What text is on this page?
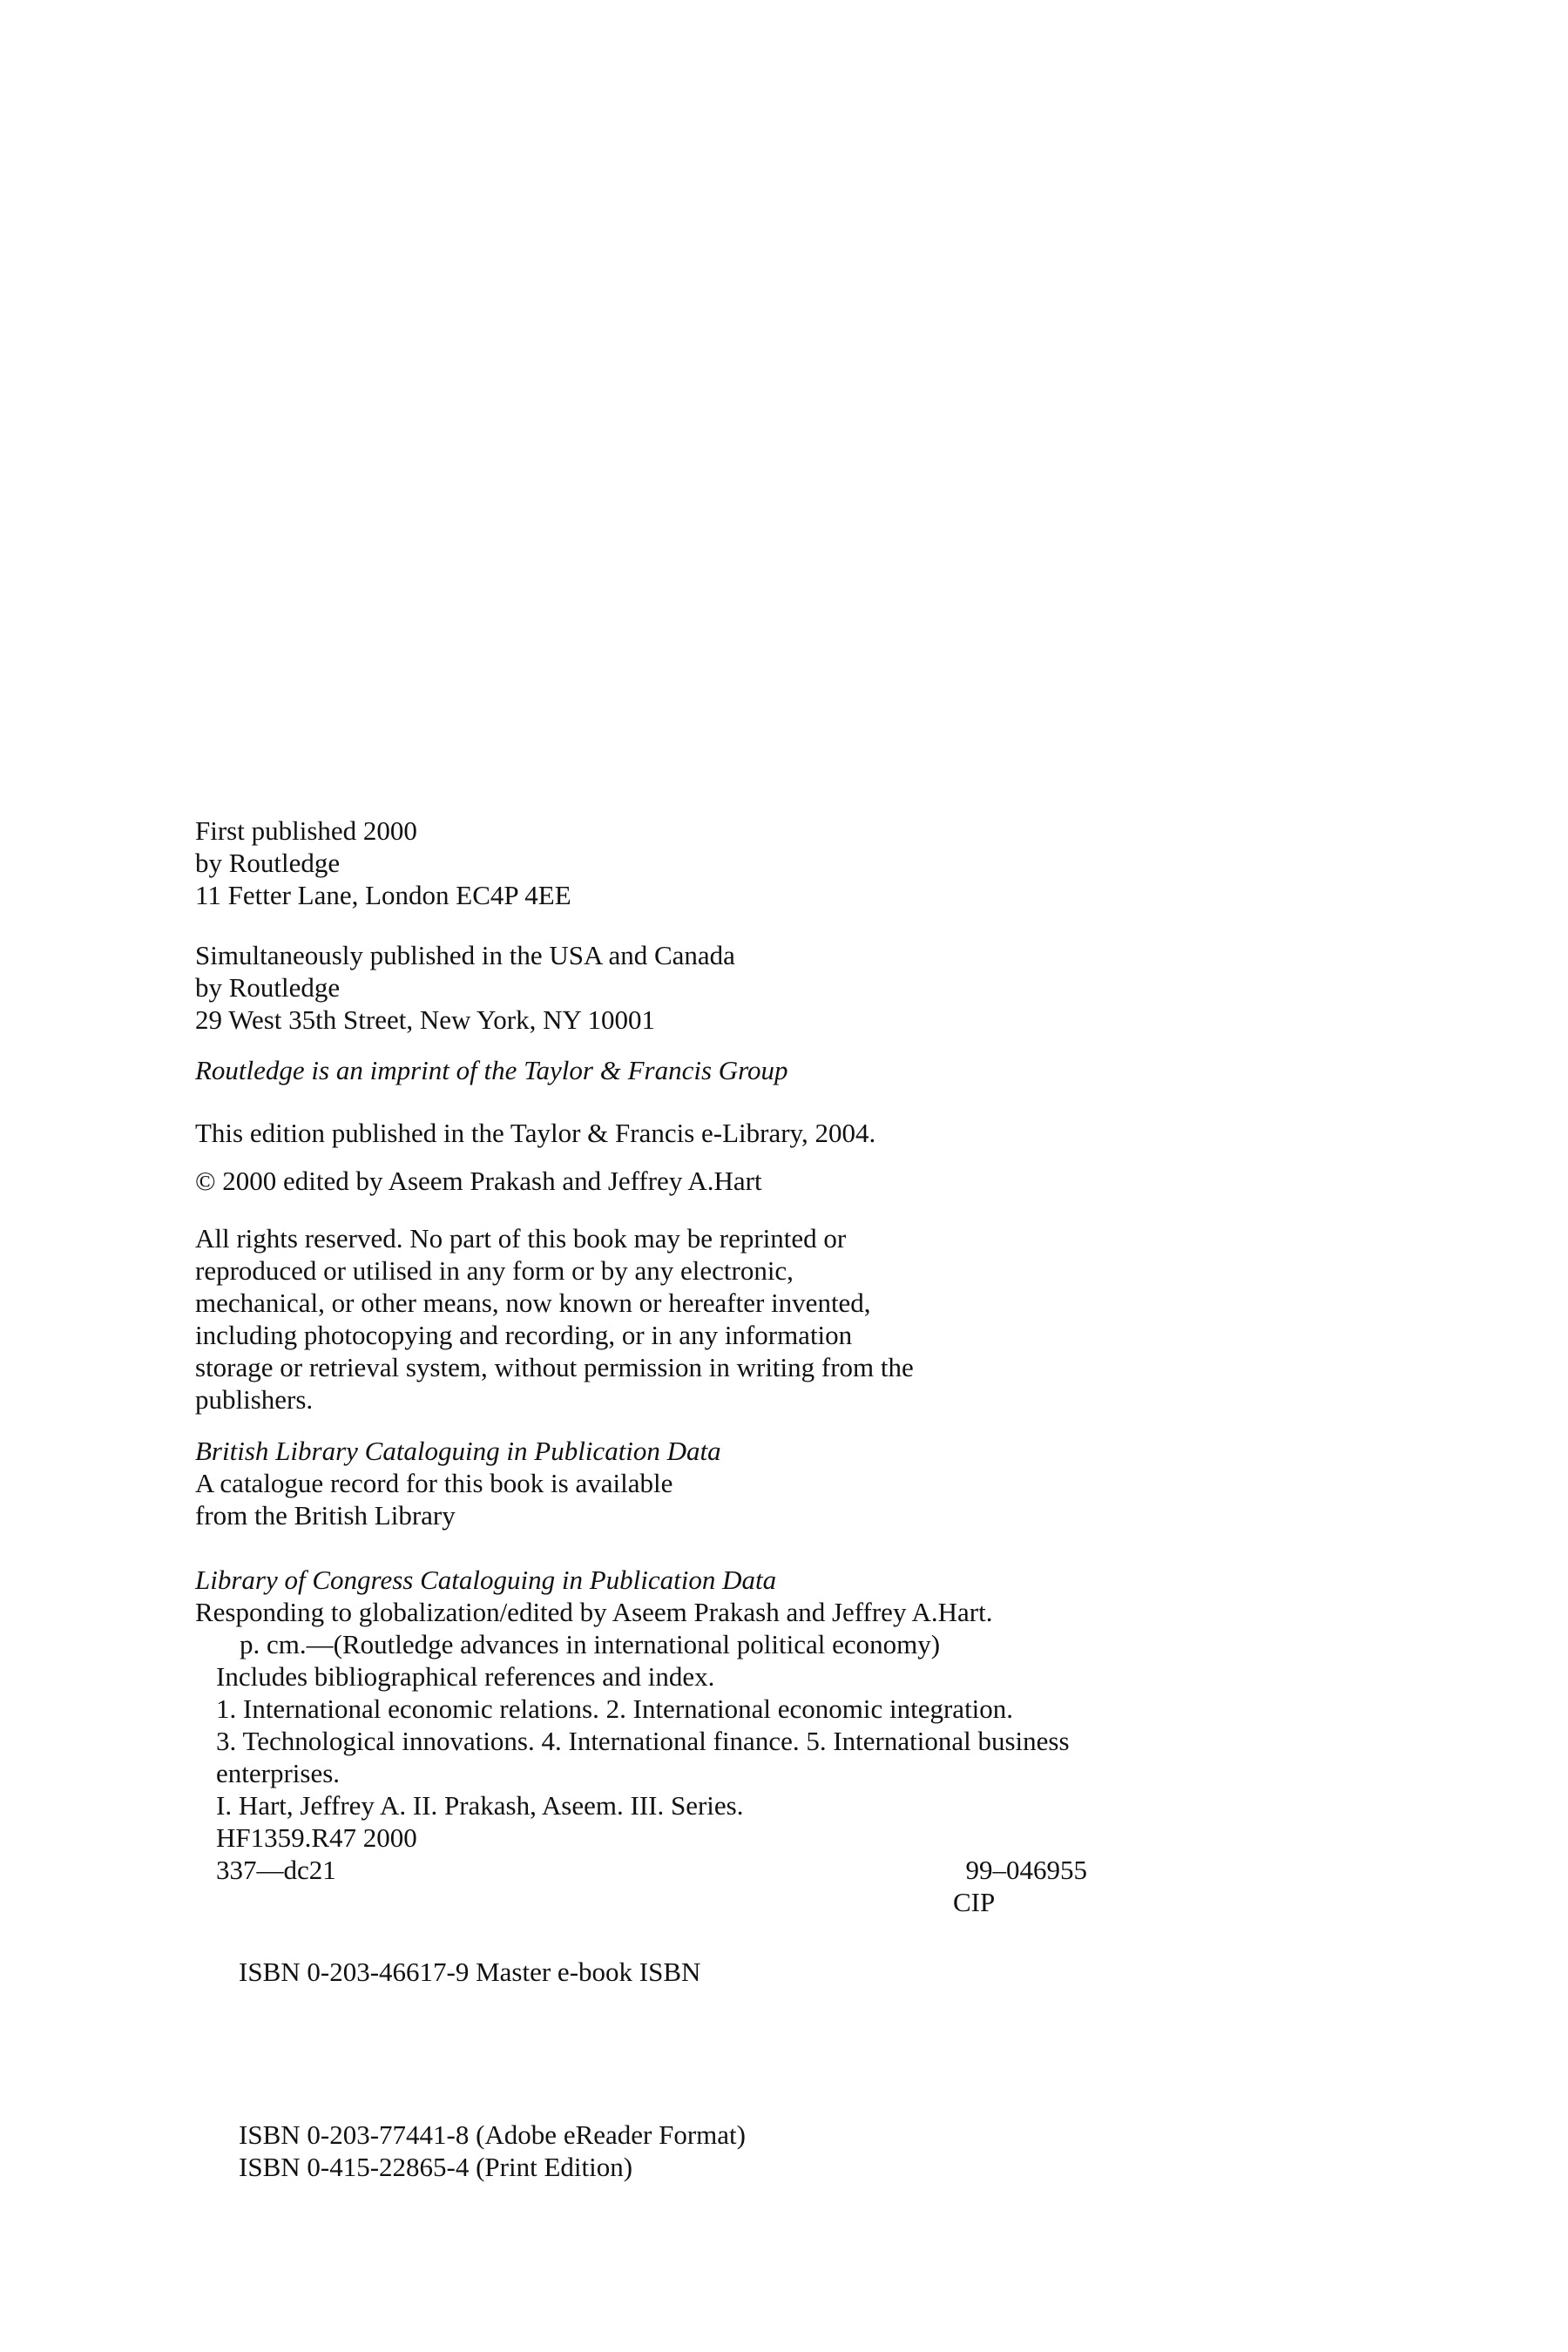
First published 2000
by Routledge
11 Fetter Lane, London EC4P 4EE
Simultaneously published in the USA and Canada
by Routledge
29 West 35th Street, New York, NY 10001
Routledge is an imprint of the Taylor & Francis Group
This edition published in the Taylor & Francis e-Library, 2004.
© 2000 edited by Aseem Prakash and Jeffrey A.Hart
All rights reserved. No part of this book may be reprinted or
reproduced or utilised in any form or by any electronic,
mechanical, or other means, now known or hereafter invented,
including photocopying and recording, or in any information
storage or retrieval system, without permission in writing from the
publishers.
British Library Cataloguing in Publication Data
A catalogue record for this book is available
from the British Library
Library of Congress Cataloguing in Publication Data
Responding to globalization/edited by Aseem Prakash and Jeffrey A.Hart.
p. cm.—(Routledge advances in international political economy)
Includes bibliographical references and index.
1. International economic relations. 2. International economic integration.
3. Technological innovations. 4. International finance. 5. International business
enterprises.
I. Hart, Jeffrey A. II. Prakash, Aseem. III. Series.
HF1359.R47 2000
337—dc21	99–046955
CIP
ISBN 0-203-46617-9 Master e-book ISBN
ISBN 0-203-77441-8 (Adobe eReader Format)
ISBN 0-415-22865-4 (Print Edition)
